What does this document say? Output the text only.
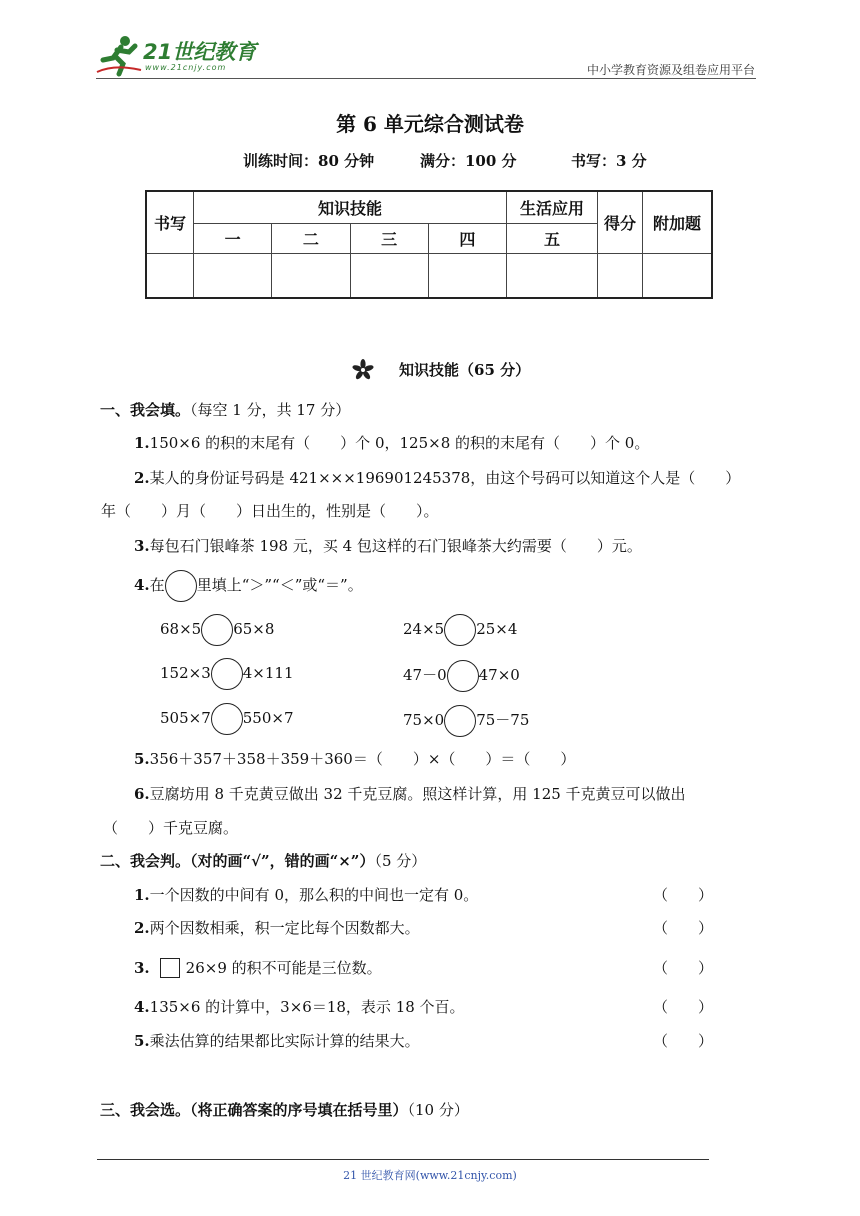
21世纪教育
www.21cnjy.com	中小学教育资源及组卷应用平台
第 6 单元综合测试卷
训练时间：80 分钟	满分：100 分	书写：3 分
书写	知识技能				生活应用	得分	附加题
	一	二	三	四	五		

知识技能（65 分）
一、我会填。（每空 1 分，共 17 分）
1.150×6 的积的末尾有（　　）个 0，125×8 的积的末尾有（　　）个 0。
2.某人的身份证号码是 421×××196901245378，由这个号码可以知道这个人是（　　）
年（　　）月（　　）日出生的，性别是（　　）。
3.每包石门银峰茶 198 元，买 4 包这样的石门银峰茶大约需要（　　）元。
4.在 里填上“＞”“＜”或“＝”。
68×5 65×8	24×5 25×4
152×3 4×111	47－0 47×0
505×7 550×7	75×0 75－75
5.356＋357＋358＋359＋360＝（　　）×（　　）＝（　　）
6.豆腐坊用 8 千克黄豆做出 32 千克豆腐。照这样计算，用 125 千克黄豆可以做出
（　　）千克豆腐。
二、我会判。（对的画“√”，错的画“×”）（5 分）
1.一个因数的中间有 0，那么积的中间也一定有 0。	（　　）
2.两个因数相乘，积一定比每个因数都大。	（　　）
3. 26×9 的积不可能是三位数。	（　　）
4.135×6 的计算中，3×6＝18，表示 18 个百。	（　　）
5.乘法估算的结果都比实际计算的结果大。	（　　）
三、我会选。（将正确答案的序号填在括号里）（10 分）
21 世纪教育网(www.21cnjy.com)
